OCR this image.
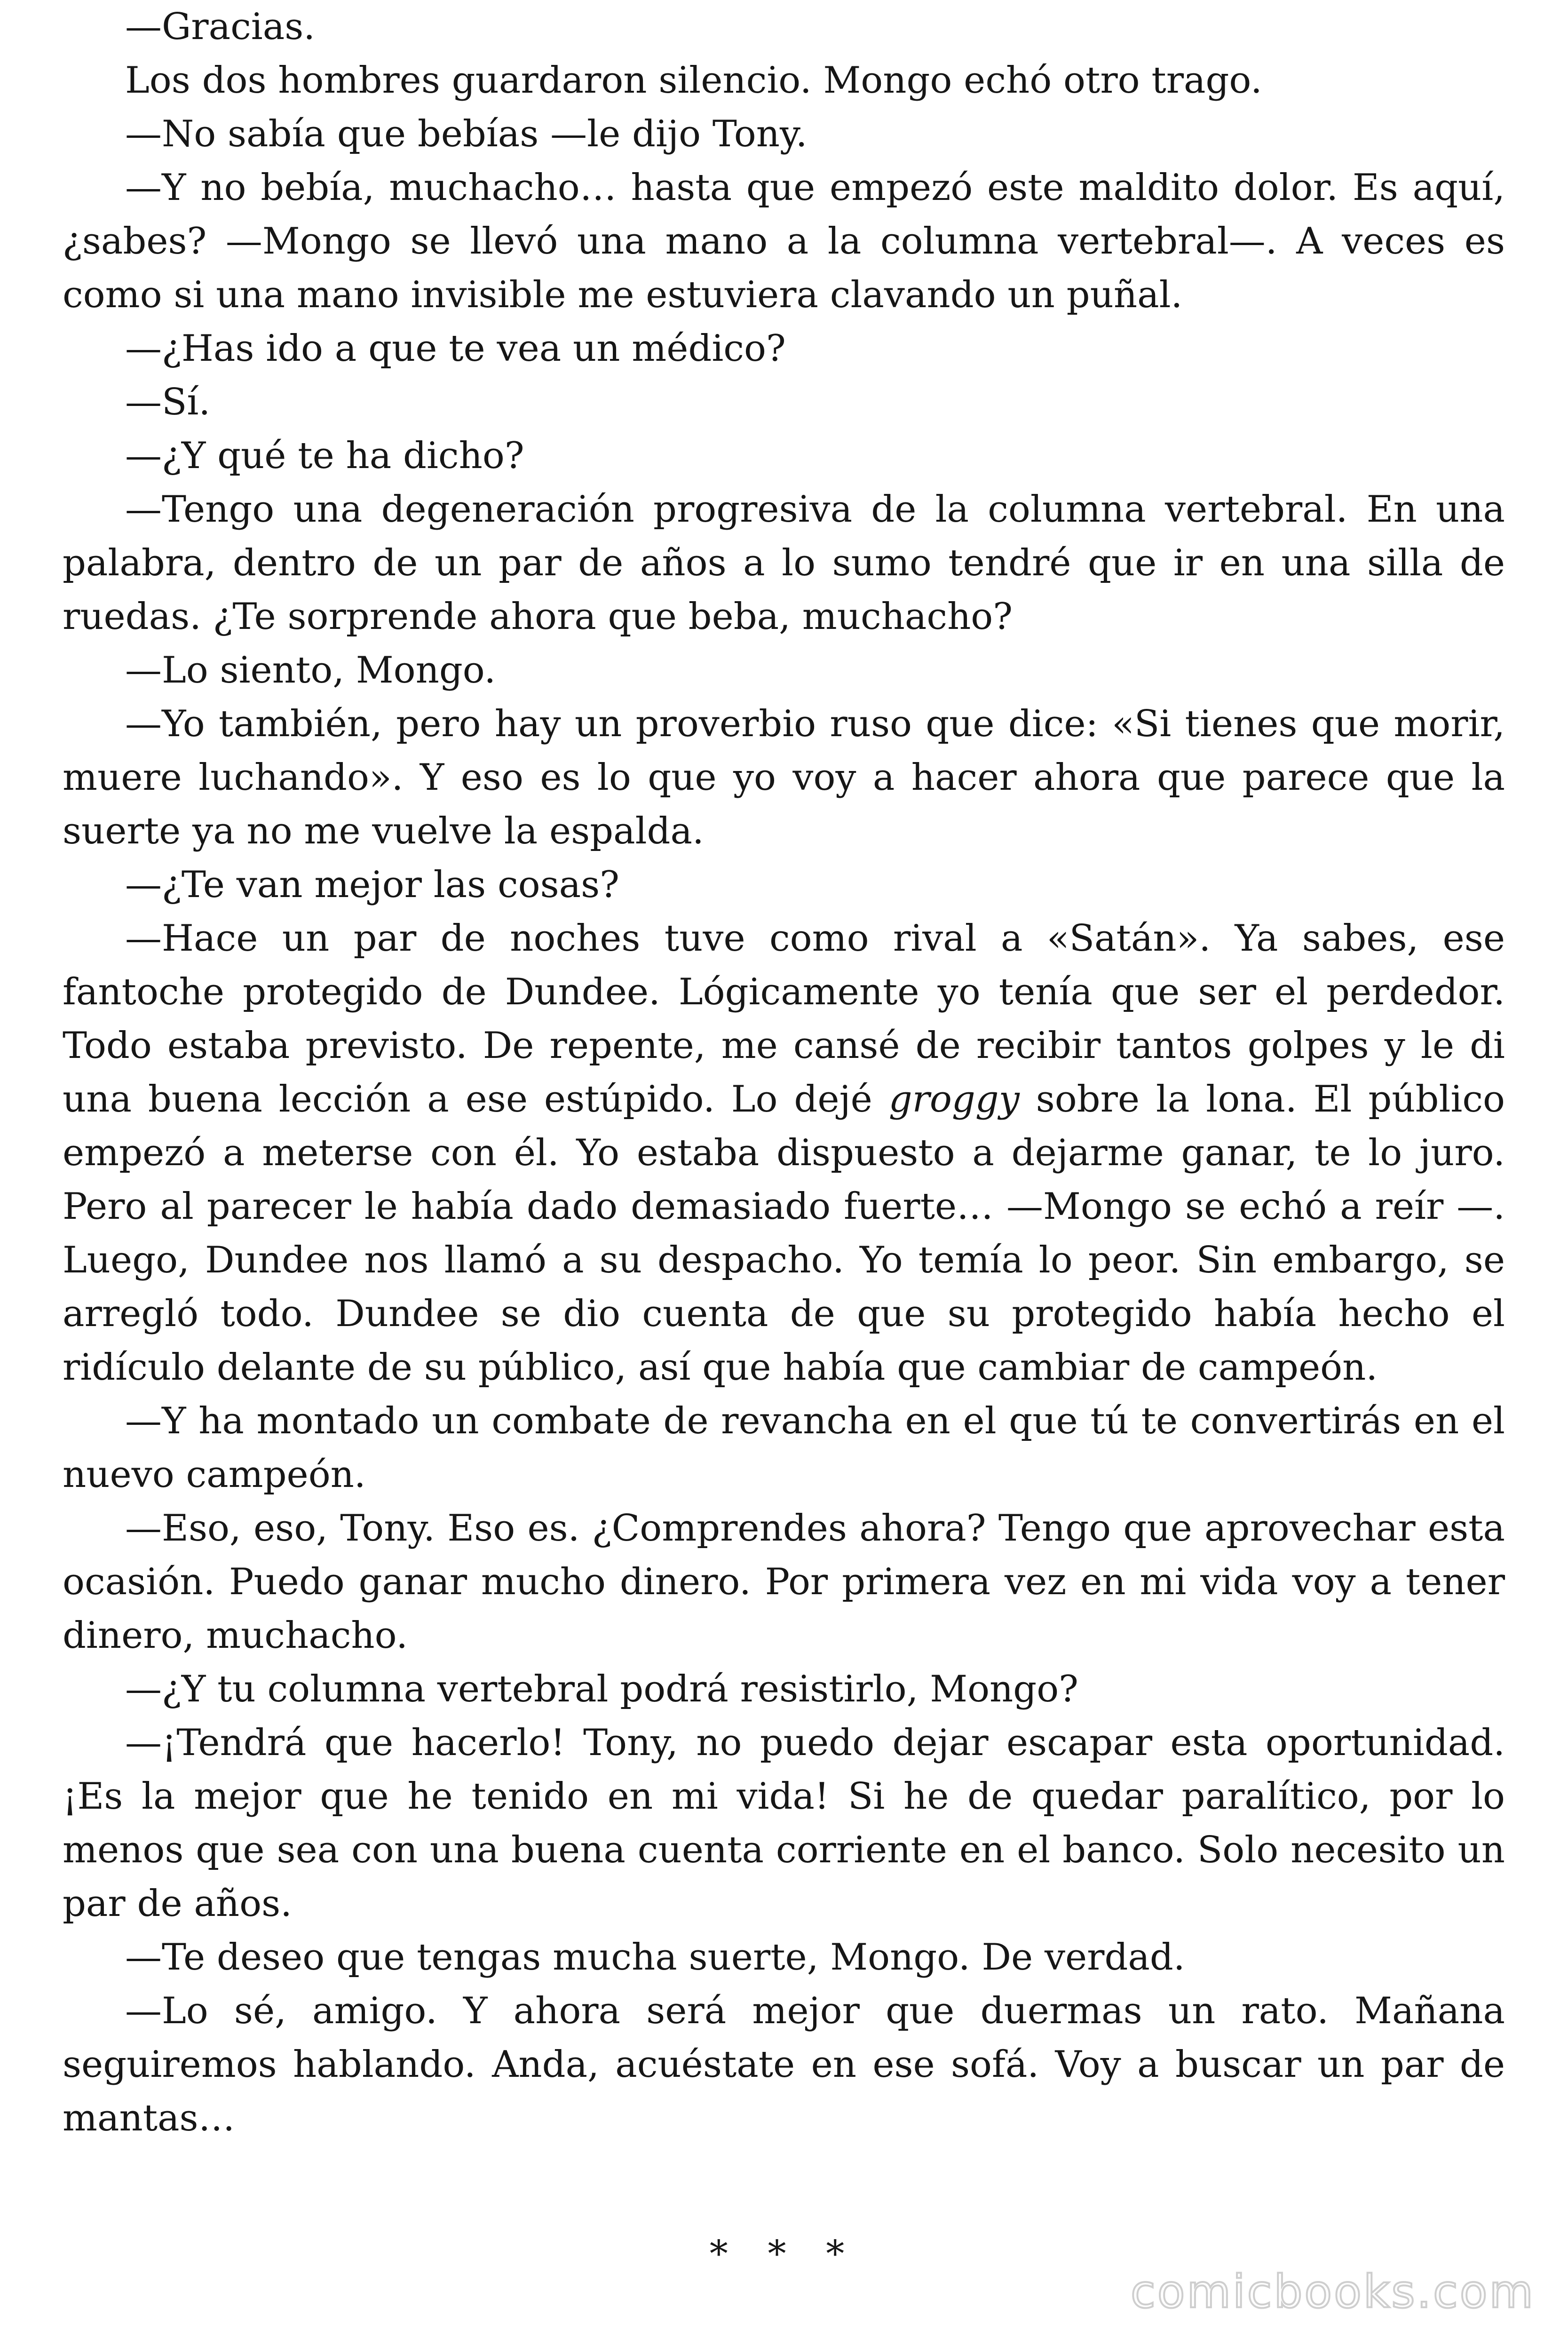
—Gracias.

Los dos hombres guardaron silencio. Mongo echó otro trago.

—No sabía que bebías —le dijo Tony.

—Y no bebía, muchacho… hasta que empezó este maldito dolor. Es aquí, ¿sabes? —Mongo se llevó una mano a la columna vertebral—. A veces es como si una mano invisible me estuviera clavando un puñal.

—¿Has ido a que te vea un médico?

—Sí.

—¿Y qué te ha dicho?

—Tengo una degeneración progresiva de la columna vertebral. En una palabra, dentro de un par de años a lo sumo tendré que ir en una silla de ruedas. ¿Te sorprende ahora que beba, muchacho?

—Lo siento, Mongo.

—Yo también, pero hay un proverbio ruso que dice: «Si tienes que morir, muere luchando». Y eso es lo que yo voy a hacer ahora que parece que la suerte ya no me vuelve la espalda.

—¿Te van mejor las cosas?

—Hace un par de noches tuve como rival a «Satán». Ya sabes, ese fantoche protegido de Dundee. Lógicamente yo tenía que ser el perdedor. Todo estaba previsto. De repente, me cansé de recibir tantos golpes y le di una buena lección a ese estúpido. Lo dejé groggy sobre la lona. El público empezó a meterse con él. Yo estaba dispuesto a dejarme ganar, te lo juro. Pero al parecer le había dado demasiado fuerte… —Mongo se echó a reír —. Luego, Dundee nos llamó a su despacho. Yo temía lo peor. Sin embargo, se arregló todo. Dundee se dio cuenta de que su protegido había hecho el ridículo delante de su público, así que había que cambiar de campeón.

—Y ha montado un combate de revancha en el que tú te convertirás en el nuevo campeón.

—Eso, eso, Tony. Eso es. ¿Comprendes ahora? Tengo que aprovechar esta ocasión. Puedo ganar mucho dinero. Por primera vez en mi vida voy a tener dinero, muchacho.

—¿Y tu columna vertebral podrá resistirlo, Mongo?

—¡Tendrá que hacerlo! Tony, no puedo dejar escapar esta oportunidad. ¡Es la mejor que he tenido en mi vida! Si he de quedar paralítico, por lo menos que sea con una buena cuenta corriente en el banco. Solo necesito un par de años.

—Te deseo que tengas mucha suerte, Mongo. De verdad.

—Lo sé, amigo. Y ahora será mejor que duermas un rato. Mañana seguiremos hablando. Anda, acuéstate en ese sofá. Voy a buscar un par de mantas…

* * *
comicbooks.com
